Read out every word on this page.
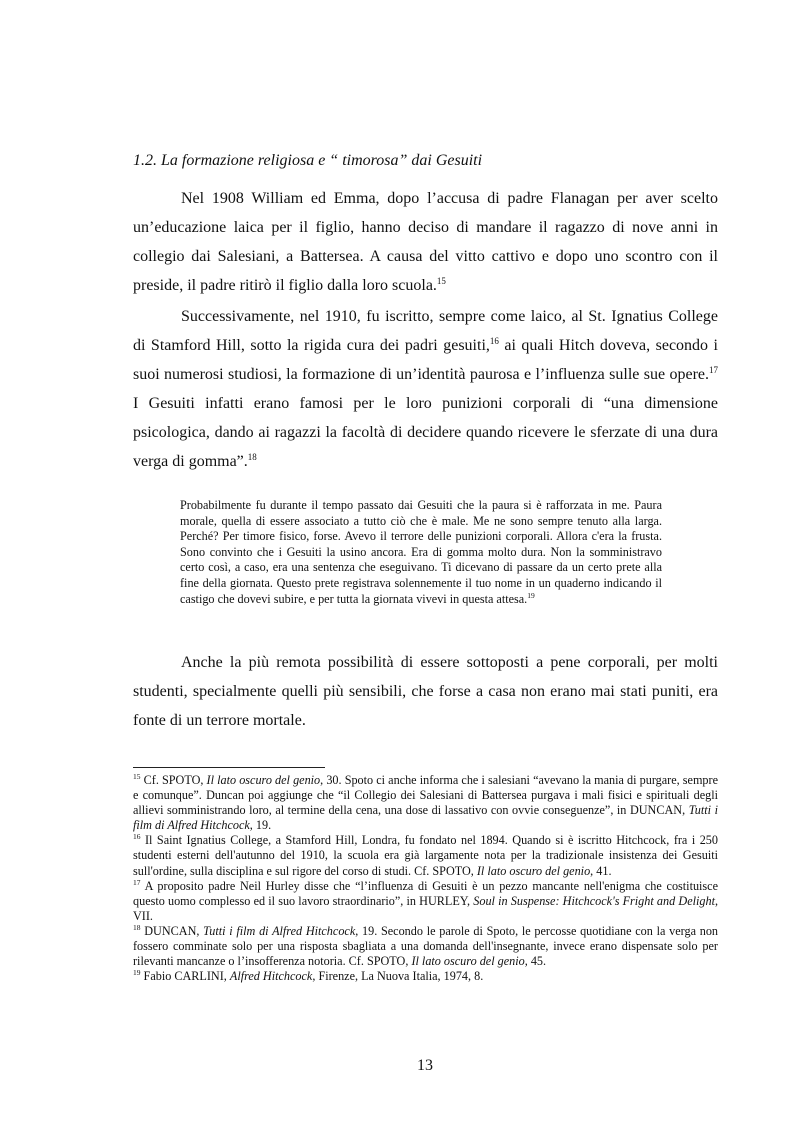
1.2. La formazione religiosa e “ timorosa” dai Gesuiti

Nel 1908 William ed Emma, dopo l’accusa di padre Flanagan per aver scelto un’educazione laica per il figlio, hanno deciso di mandare il ragazzo di nove anni in collegio dai Salesiani, a Battersea. A causa del vitto cattivo e dopo uno scontro con il preside, il padre ritirò il figlio dalla loro scuola.$^{15}$

Successivamente, nel 1910, fu iscritto, sempre come laico, al St. Ignatius College di Stamford Hill, sotto la rigida cura dei padri gesuiti,$^{16}$ ai quali Hitch doveva, secondo i suoi numerosi studiosi, la formazione di un’identità paurosa e l’influenza sulle sue opere.$^{17}$ I Gesuiti infatti erano famosi per le loro punizioni corporali di “una dimensione psicologica, dando ai ragazzi la facoltà di decidere quando ricevere le sferzate di una dura verga di gomma”.$^{18}$

Probabilmente fu durante il tempo passato dai Gesuiti che la paura si è rafforzata in me. Paura morale, quella di essere associato a tutto ciò che è male. Me ne sono sempre tenuto alla larga. Perché? Per timore fisico, forse. Avevo il terrore delle punizioni corporali. Allora c'era la frusta. Sono convinto che i Gesuiti la usino ancora. Era di gomma molto dura. Non la somministravo certo così, a caso, era una sentenza che eseguivano. Ti dicevano di passare da un certo prete alla fine della giornata. Questo prete registrava solennemente il tuo nome in un quaderno indicando il castigo che dovevi subire, e per tutta la giornata vivevi in questa attesa.$^{19}$

Anche la più remota possibilità di essere sottoposti a pene corporali, per molti studenti, specialmente quelli più sensibili, che forse a casa non erano mai stati puniti, era fonte di un terrore mortale.

$^{15}$ Cf. SPOTO, Il lato oscuro del genio, 30. Spoto ci anche informa che i salesiani “avevano la mania di purgare, sempre e comunque”. Duncan poi aggiunge che “il Collegio dei Salesiani di Battersea purgava i mali fisici e spirituali degli allievi somministrando loro, al termine della cena, una dose di lassativo con ovvie conseguenze”, in DUNCAN, Tutti i film di Alfred Hitchcock, 19.

$^{16}$ Il Saint Ignatius College, a Stamford Hill, Londra, fu fondato nel 1894. Quando si è iscritto Hitchcock, fra i 250 studenti esterni dell'autunno del 1910, la scuola era già largamente nota per la tradizionale insistenza dei Gesuiti sull'ordine, sulla disciplina e sul rigore del corso di studi. Cf. SPOTO, Il lato oscuro del genio, 41.

$^{17}$ A proposito padre Neil Hurley disse che “l’influenza di Gesuiti è un pezzo mancante nell'enigma che costituisce questo uomo complesso ed il suo lavoro straordinario”, in HURLEY, Soul in Suspense: Hitchcock's Fright and Delight, VII.

$^{18}$ DUNCAN, Tutti i film di Alfred Hitchcock, 19. Secondo le parole di Spoto, le percosse quotidiane con la verga non fossero comminate solo per una risposta sbagliata a una domanda dell'insegnante, invece erano dispensate solo per rilevanti mancanze o l’insofferenza notoria. Cf. SPOTO, Il lato oscuro del genio, 45.

$^{19}$ Fabio CARLINI, Alfred Hitchcock, Firenze, La Nuova Italia, 1974, 8.

13
